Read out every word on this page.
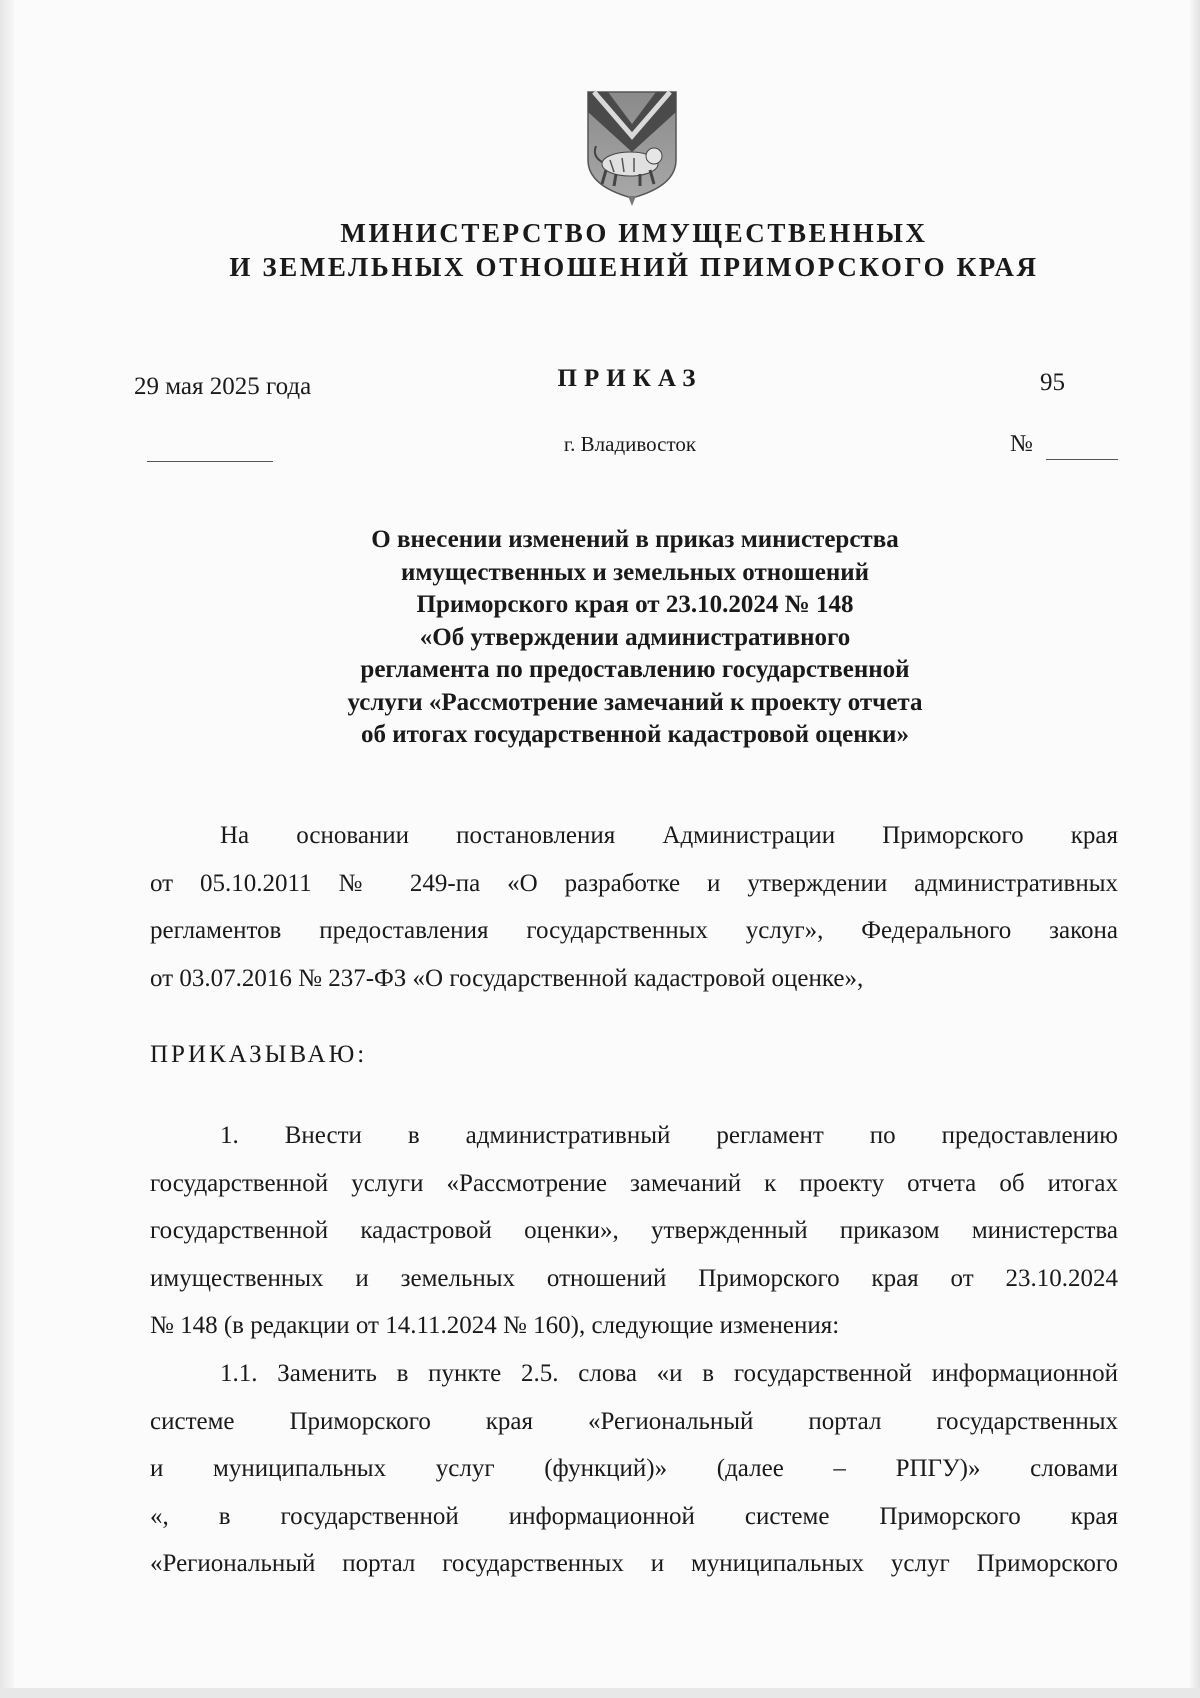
МИНИСТЕРСТВО ИМУЩЕСТВЕННЫХ
И ЗЕМЕЛЬНЫХ ОТНОШЕНИЙ ПРИМОРСКОГО КРАЯ
29 мая 2025 года	ПРИКАЗ	95
г. Владивосток	№
О внесении изменений в приказ министерства
имущественных и земельных отношений
Приморского края от 23.10.2024 № 148
«Об утверждении административного
регламента по предоставлению государственной
услуги «Рассмотрение замечаний к проекту отчета
об итогах государственной кадастровой оценки»
На основании постановления Администрации Приморского края
от 05.10.2011 № 249-па «О разработке и утверждении административных
регламентов предоставления государственных услуг», Федерального закона
от 03.07.2016 № 237-ФЗ «О государственной кадастровой оценке»,
ПРИКАЗЫВАЮ:
1. Внести в административный регламент по предоставлению
государственной услуги «Рассмотрение замечаний к проекту отчета об итогах
государственной кадастровой оценки», утвержденный приказом министерства
имущественных и земельных отношений Приморского края от 23.10.2024
№ 148 (в редакции от 14.11.2024 № 160), следующие изменения:
1.1. Заменить в пункте 2.5. слова «и в государственной информационной
системе Приморского края «Региональный портал государственных
и муниципальных услуг (функций)» (далее – РПГУ)» словами
«, в государственной информационной системе Приморского края
«Региональный портал государственных и муниципальных услуг Приморского
